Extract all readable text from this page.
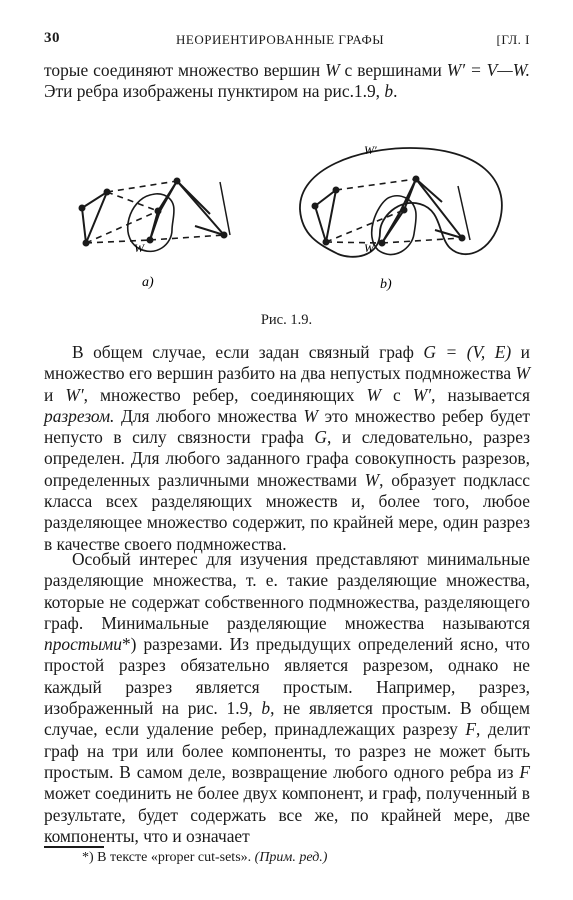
30	НЕОРИЕНТИРОВАННЫЕ ГРАФЫ	[ГЛ. I

торые соединяют множество вершин W с вершинами W′ = V—W. Эти ребра изображены пунктиром на рис.1.9, b.

W
a)
W′
W
b)
Рис. 1.9.

В общем случае, если задан связный граф G = (V, E) и множество его вершин разбито на два непустых подмножества W и W′, множество ребер, соединяющих W с W′, называется разрезом. Для любого множества W это множество ребер будет непусто в силу связности графа G, и следовательно, разрез определен. Для любого заданного графа совокупность разрезов, определенных различными множествами W, образует подкласс класса всех разделяющих множеств и, более того, любое разделяющее множество содержит, по крайней мере, один разрез в качестве своего подмножества.

Особый интерес для изучения представляют минимальные разделяющие множества, т. е. такие разделяющие множества, которые не содержат собственного подмножества, разделяющего граф. Минимальные разделяющие множества называются простыми*) разрезами. Из предыдущих определений ясно, что простой разрез обязательно является разрезом, однако не каждый разрез является простым. Например, разрез, изображенный на рис. 1.9, b, не является простым. В общем случае, если удаление ребер, принадлежащих разрезу F, делит граф на три или более компоненты, то разрез не может быть простым. В самом деле, возвращение любого одного ребра из F может соединить не более двух компонент, и граф, полученный в результате, будет содержать все же, по крайней мере, две компоненты, что и означает

*) В тексте «proper cut-sets». (Прим. ред.)
